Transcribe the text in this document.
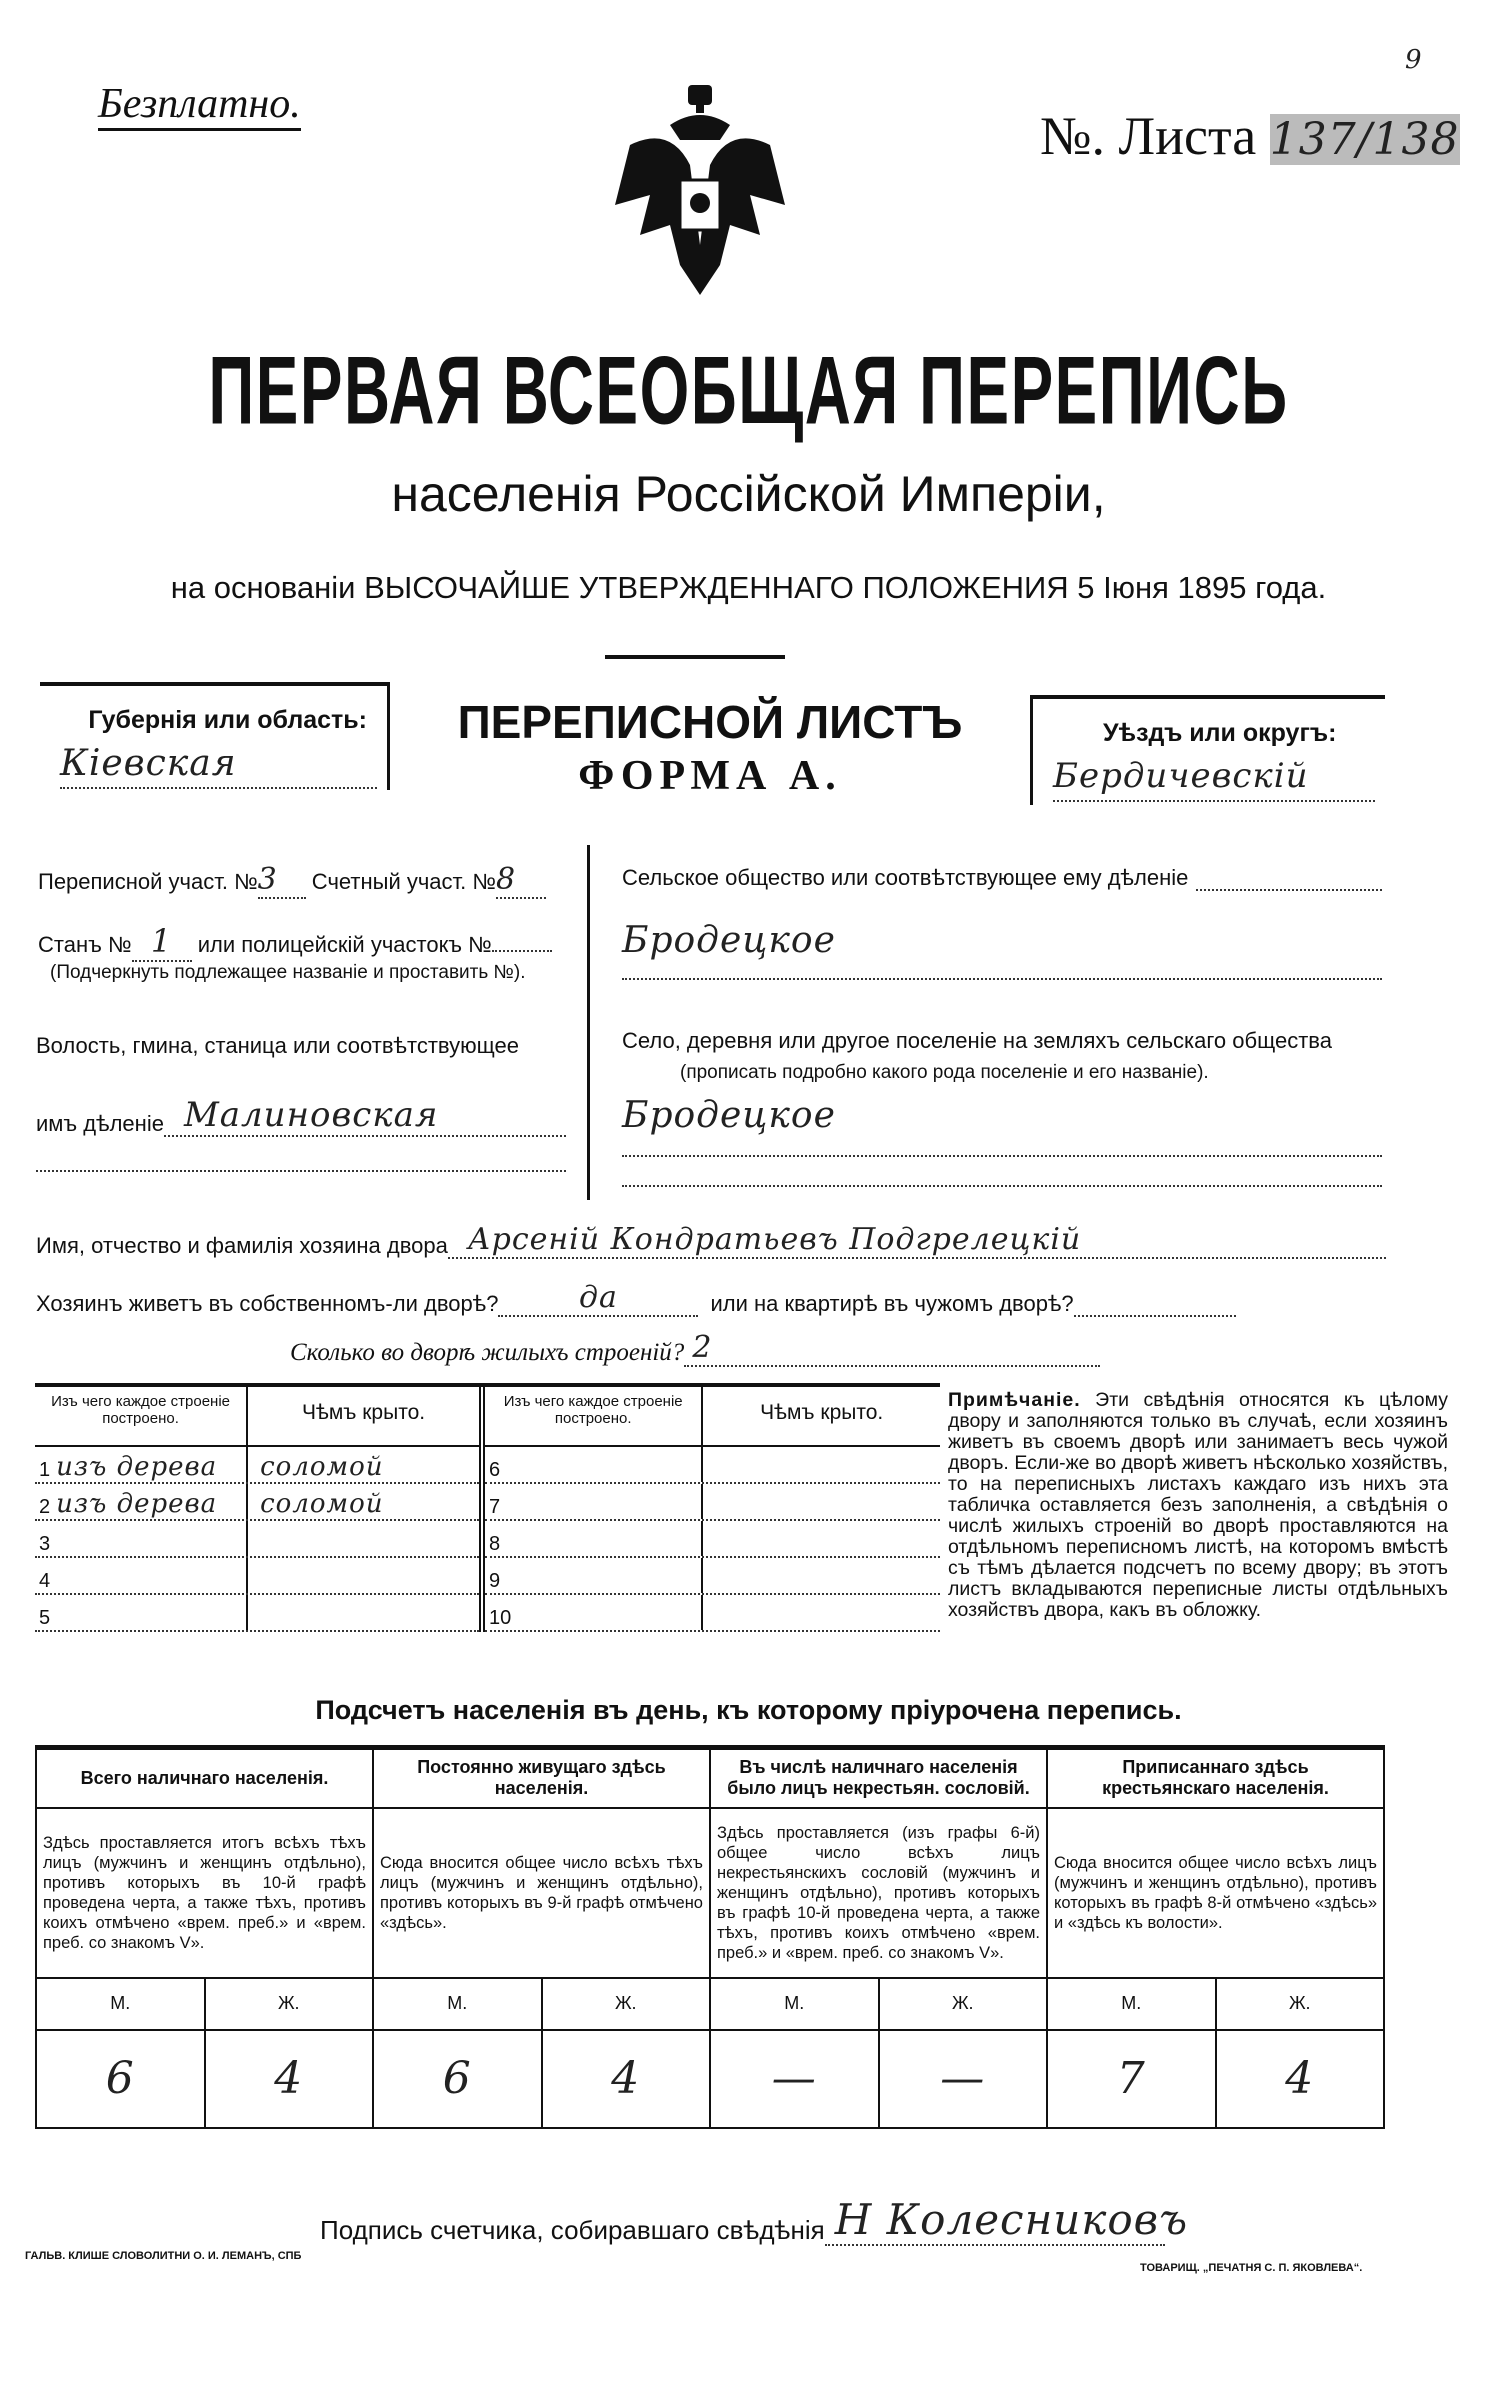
9
Безплатно.
№. Листа 137/138
ПЕРВАЯ ВСЕОБЩАЯ ПЕРЕПИСЬ
населенія Россійской Имперіи,
на основаніи ВЫСОЧАЙШЕ УТВЕРЖДЕННАГО ПОЛОЖЕНИЯ 5 Іюня 1895 года.
Губернія или область:
Кіевская
ПЕРЕПИСНОЙ ЛИСТЪ
ФОРМА А.
Уѣздъ или округъ:
Бердичевскій
Переписной участ. №3 Счетный участ. №8
Станъ № 1 или полицейскій участокъ №
(Подчеркнуть подлежащее названіе и проставить №).
Волость, гмина, станица или соотвѣтствующее
имъ дѣленіе Малиновская
Сельское общество или соотвѣтствующее ему дѣленіе
Бродецкое
Село, деревня или другое поселеніе на земляхъ сельскаго общества
(прописать подробно какого рода поселеніе и его названіе).
Бродецкое
Имя, отчество и фамилія хозяина двора Арсеній Кондратьевъ Подгрелецкій
Хозяинъ живетъ въ собственномъ-ли дворѣ?	да	или на квартирѣ въ чужомъ дворѣ?
Сколько во дворѣ жилыхъ строеній? 2
Изъ чего каждое строеніе построено.	Чѣмъ крыто.
1 изъ дерева	соломой
2 изъ дерева	соломой
3
4
5
Изъ чего каждое строеніе построено.	Чѣмъ крыто.
6
7
8
9
10
Примѣчаніе. Эти свѣдѣнія относятся къ цѣлому двору и заполняются только въ случаѣ, если хозяинъ живетъ въ своемъ дворѣ или занимаетъ весь чужой дворъ. Если-же во дворѣ живетъ нѣсколько хозяйствъ, то на переписныхъ листахъ каждаго изъ нихъ эта табличка оставляется безъ заполненія, а свѣдѣнія о числѣ жилыхъ строеній во дворѣ проставляются на отдѣльномъ переписномъ листѣ, на которомъ вмѣстѣ съ тѣмъ дѣлается подсчетъ по всему двору; въ этотъ листъ вкладываются переписные листы отдѣльныхъ хозяйствъ двора, какъ въ обложку.
Подсчетъ населенія въ день, къ которому пріурочена перепись.
Всего наличнаго населенія.		Постоянно живущаго здѣсь населенія.		Въ числѣ наличнаго населенія было лицъ некрестьян. сословій.		Приписаннаго здѣсь крестьянскаго населенія.	
Здѣсь проставляется итогъ всѣхъ тѣхъ лицъ (мужчинъ и женщинъ отдѣльно), противъ которыхъ въ 10-й графѣ проведена черта, а также тѣхъ, противъ коихъ отмѣчено «врем. преб.» и «врем. преб. со знакомъ V».		Сюда вносится общее число всѣхъ тѣхъ лицъ (мужчинъ и женщинъ отдѣльно), противъ которыхъ въ 9-й графѣ отмѣчено «здѣсь».		Здѣсь проставляется (изъ графы 6-й) общее число всѣхъ лицъ некрестьянскихъ сословій (мужчинъ и женщинъ отдѣльно), противъ которыхъ въ графѣ 10-й проведена черта, а также тѣхъ, противъ коихъ отмѣчено «врем. преб.» и «врем. преб. со знакомъ V».		Сюда вносится общее число всѣхъ лицъ (мужчинъ и женщинъ отдѣльно), противъ которыхъ въ графѣ 8-й отмѣчено «здѣсь» и «здѣсь къ волости».	
М.	Ж.	М.	Ж.	М.	Ж.	М.	Ж.
6	4	6	4	—	—	7	4
Подпись счетчика, собиравшаго свѣдѣнія Н Колесниковъ
ГАЛЬВ. КЛИШЕ СЛОВОЛИТНИ О. И. ЛЕМАНЪ, СПБ
ТОВАРИЩ. „ПЕЧАТНЯ С. П. ЯКОВЛЕВА“.
